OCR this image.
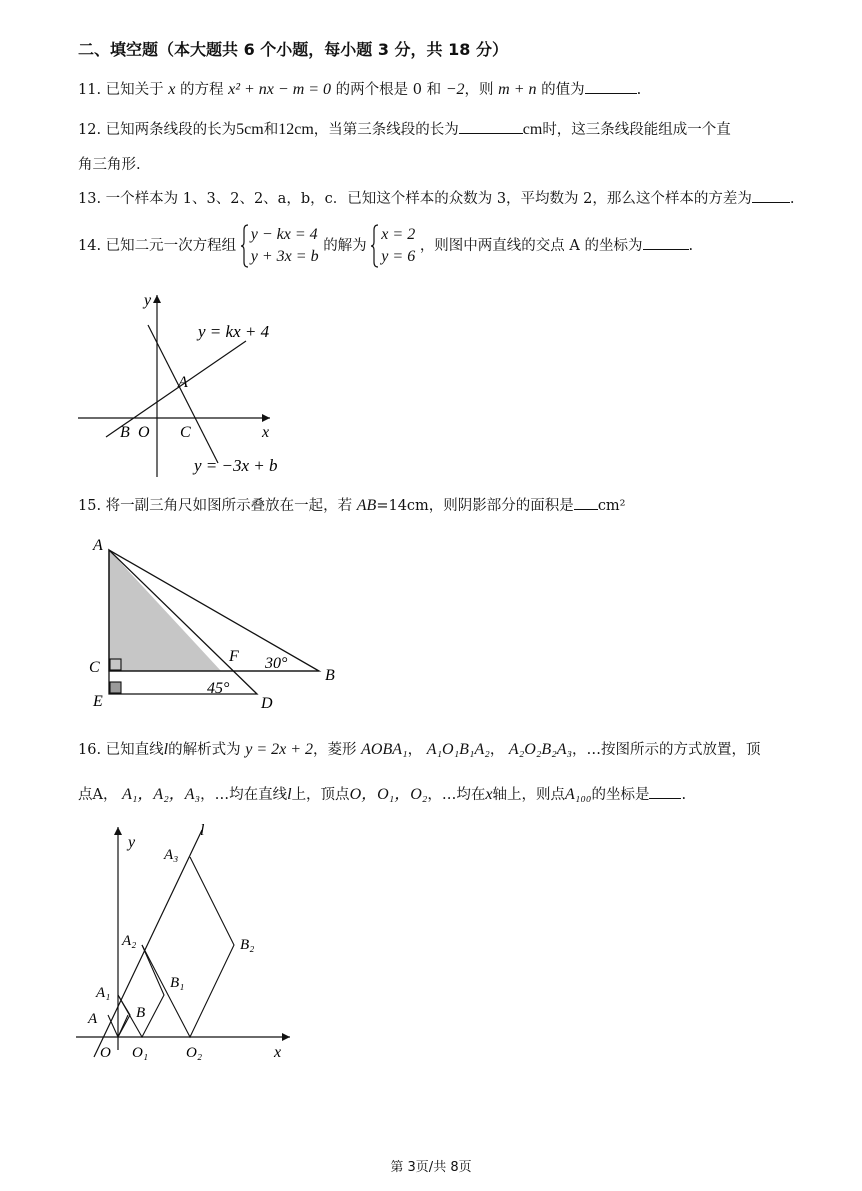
二、填空题（本大题共 6 个小题，每小题 3 分，共 18 分）
11. 已知关于 x 的方程 x² + nx − m = 0 的两个根是 0 和 −2，则 m + n 的值为	.
12. 已知两条线段的长为5cm和12cm，当第三条线段的长为	cm时，这三条线段能组成一个直
角三角形.
13. 一个样本为 1、3、2、2、a，b，c．已知这个样本的众数为 3，平均数为 2，那么这个样本的方差为	.
14. 已知二元一次方程组
y − kx = 4
y + 3x = b
的解为
x = 2
y = 6
，则图中两直线的交点 A 的坐标为	.
y
x
y = kx + 4
y = −3x + b
A
B O C
15. 将一副三角尺如图所示叠放在一起，若 AB=14cm，则阴影部分的面积是 cm²
A
B
C
D
E
F 30°
45°
16. 已知直线l的解析式为 y = 2x + 2，菱形 AOBA₁， A₁O₁B₁A₂， A₂O₂B₂A₃，…按图所示的方式放置，顶
点A， A₁，A₂，A₃，…均在直线l上，顶点O，O₁，O₂，…均在x轴上，则点A₁₀₀的坐标是 .
y
l
x
A₃
A₂	B₂
B₁
A₁
A	B
O O₁	O₂
第 3页/共 8页
